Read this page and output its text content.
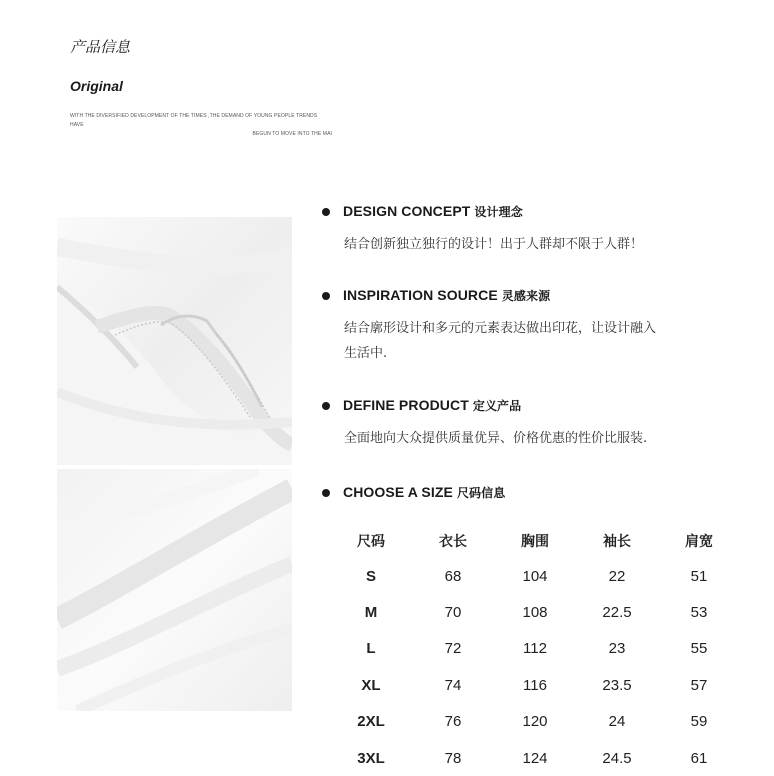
产品信息
Original
WITH THE DIVERSIFIED DEVELOPMENT OF THE TIMES ,THE DEMAND OF YOUNG PEOPLE TRENDS HAVE
BEGUN TO MOVE INTO THE MAI
DESIGN CONCEPT 设计理念
结合创新独立独行的设计！出于人群却不限于人群！
INSPIRATION SOURCE 灵感来源
结合廓形设计和多元的元素表达做出印花，让设计融入
生活中.
DEFINE PRODUCT 定义产品
全面地向大众提供质量优异、价格优惠的性价比服装.
CHOOSE A SIZE 尺码信息
尺码	衣长	胸围	袖长	肩宽
S	68	104	22	51
M	70	108	22.5	53
L	72	112	23	55
XL	74	116	23.5	57
2XL	76	120	24	59
3XL	78	124	24.5	61
